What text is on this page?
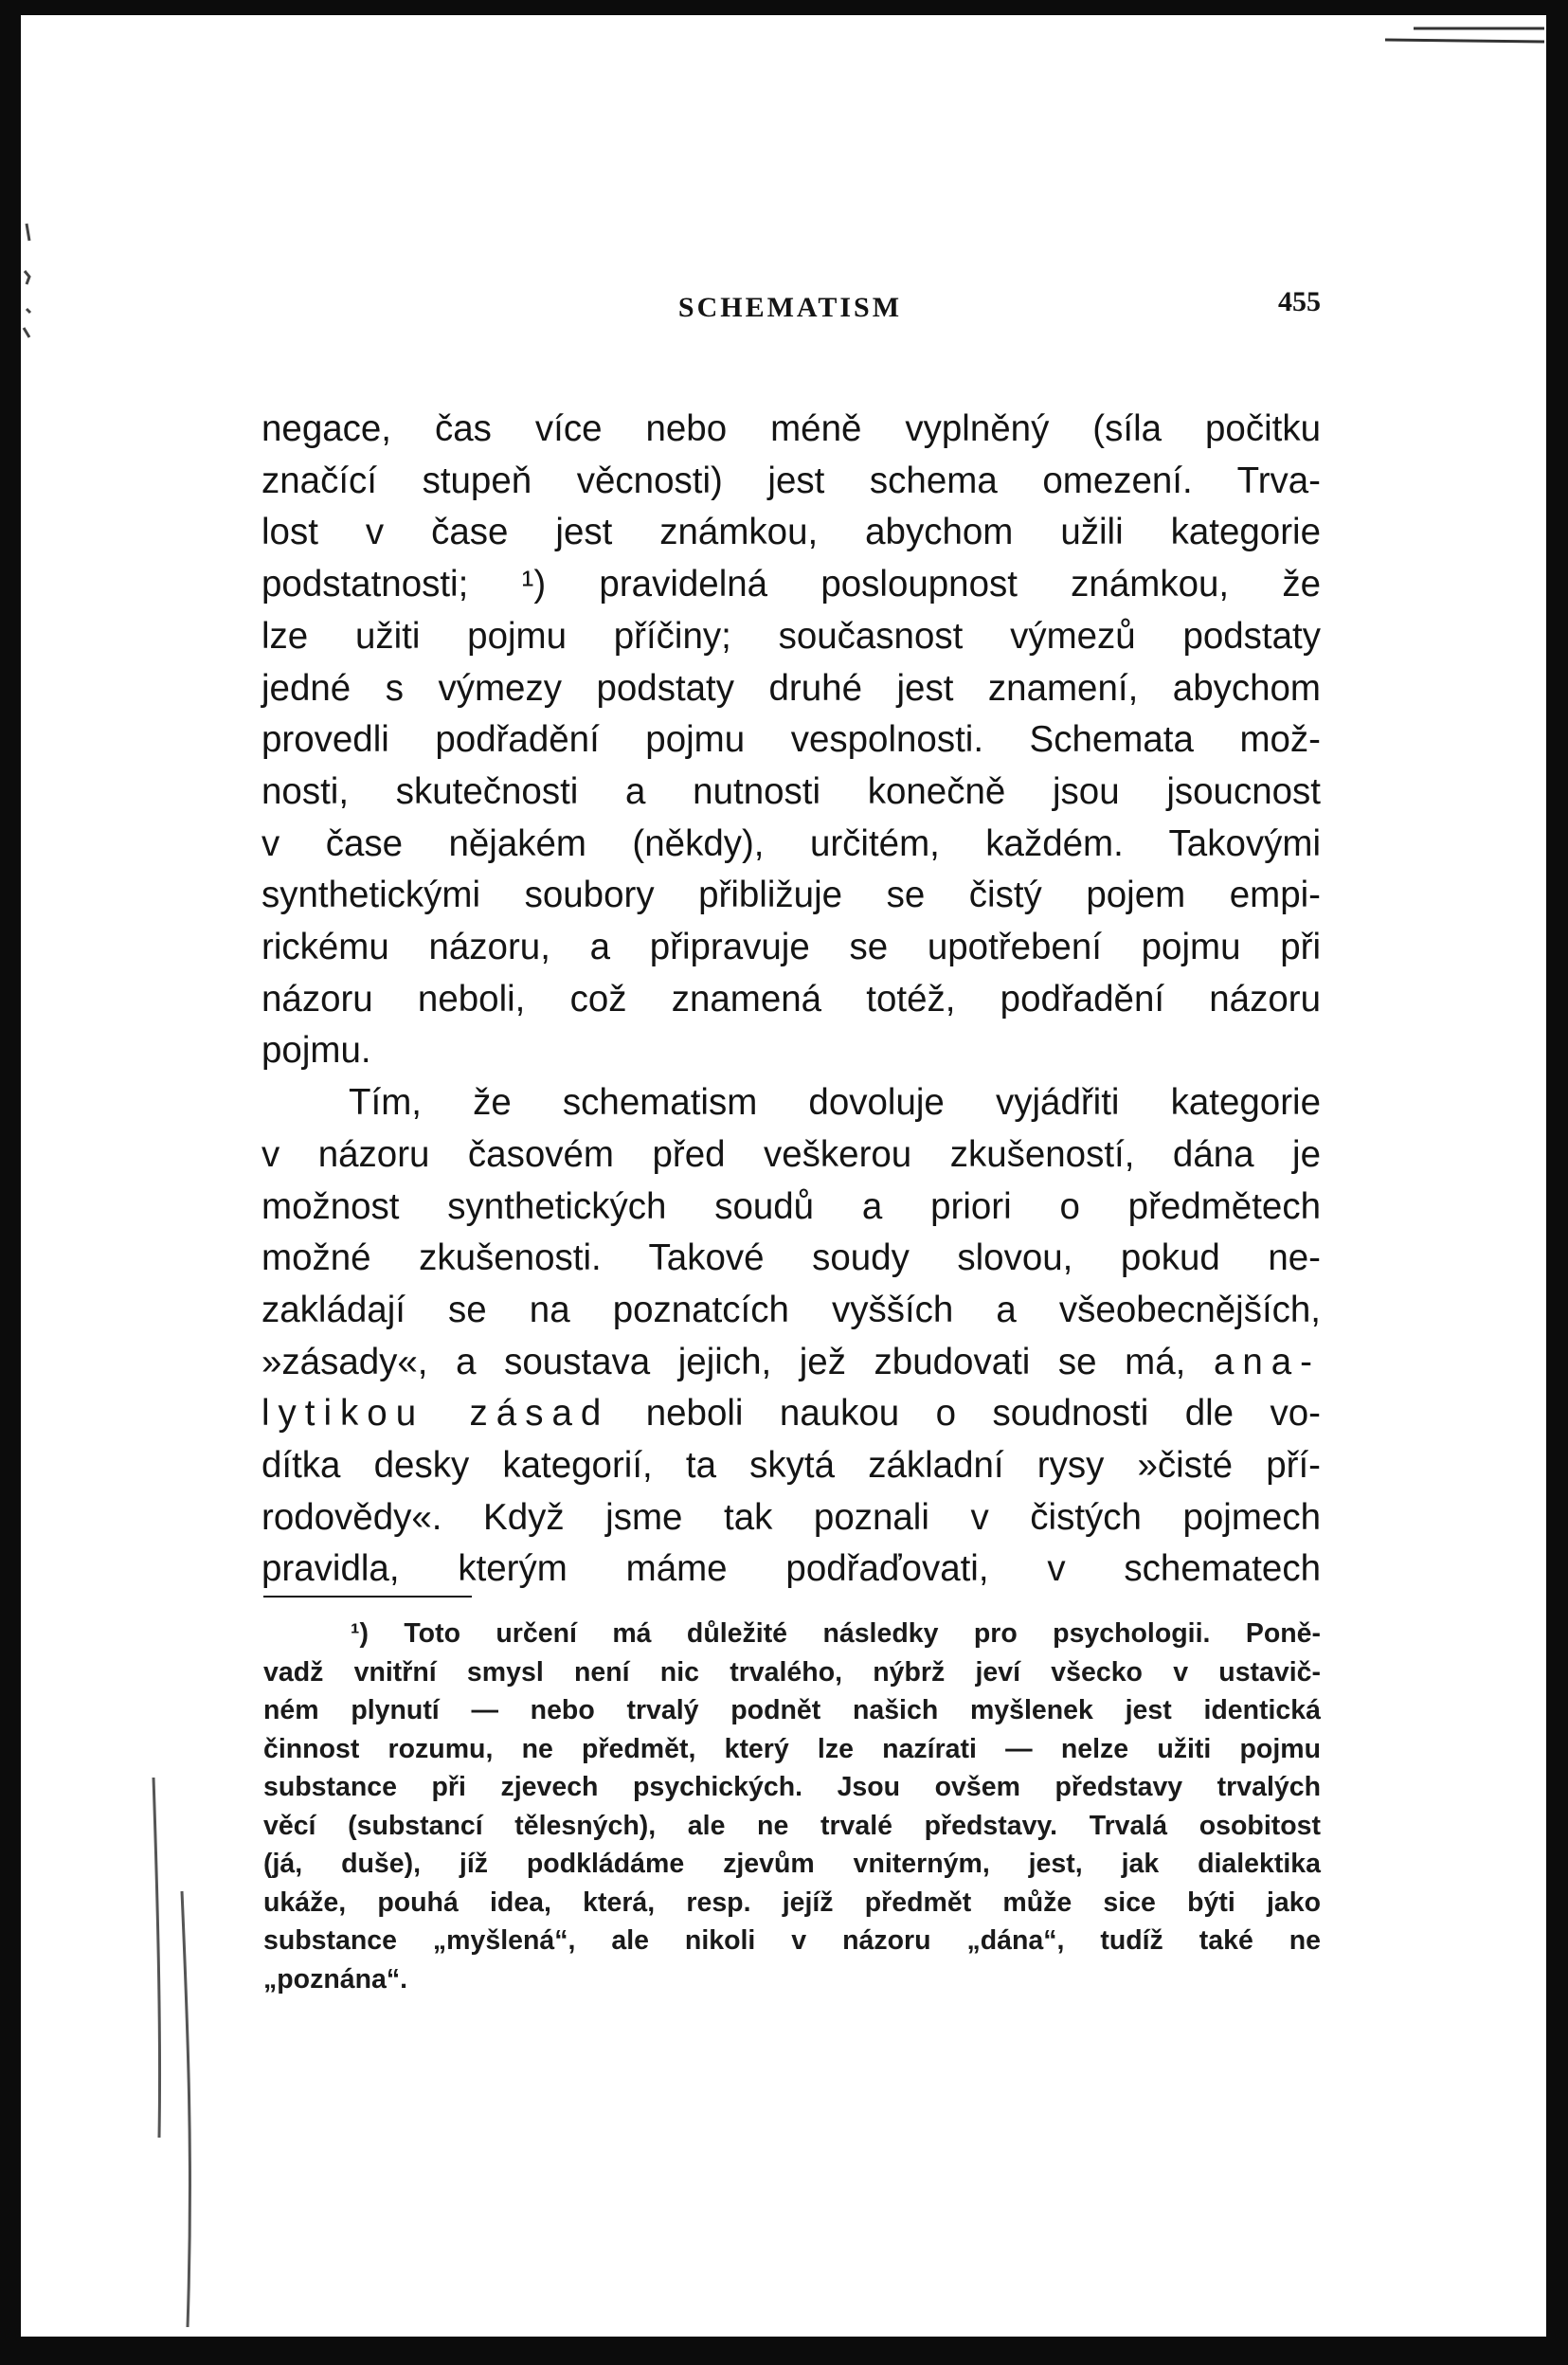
SCHEMATISM	455
negace, čas více nebo méně vyplněný (síla počitku
značící stupeň věcnosti) jest schema omezení. Trva-
lost v čase jest známkou, abychom užili kategorie
podstatnosti; ¹) pravidelná posloupnost známkou, že
lze užiti pojmu příčiny; současnost výmezů podstaty
jedné s výmezy podstaty druhé jest znamení, abychom
provedli podřadění pojmu vespolnosti. Schemata mož-
nosti, skutečnosti a nutnosti konečně jsou jsoucnost
v čase nějakém (někdy), určitém, každém. Takovými
synthetickými soubory přibližuje se čistý pojem empi-
rickému názoru, a připravuje se upotřebení pojmu při
názoru neboli, což znamená totéž, podřadění názoru
pojmu.
Tím, že schematism dovoluje vyjádřiti kategorie
v názoru časovém před veškerou zkušeností, dána je
možnost synthetických soudů a priori o předmětech
možné zkušenosti. Takové soudy slovou, pokud ne-
zakládají se na poznatcích vyšších a všeobecnějších,
»zásady«, a soustava jejich, jež zbudovati se má, ana-
lytikou zásad neboli naukou o soudnosti dle vo-
dítka desky kategorií, ta skytá základní rysy »čisté pří-
rodovědy«. Když jsme tak poznali v čistých pojmech
pravidla, kterým máme podřaďovati, v schematech
¹) Toto určení má důležité následky pro psychologii. Poně-
vadž vnitřní smysl není nic trvalého, nýbrž jeví všecko v ustavič-
ném plynutí — nebo trvalý podnět našich myšlenek jest identická
činnost rozumu, ne předmět, který lze nazírati — nelze užiti pojmu
substance při zjevech psychických. Jsou ovšem představy trvalých
věcí (substancí tělesných), ale ne trvalé představy. Trvalá osobitost
(já, duše), jíž podkládáme zjevům vniterným, jest, jak dialektika
ukáže, pouhá idea, která, resp. jejíž předmět může sice býti jako
substance „myšlená“, ale nikoli v názoru „dána“, tudíž také ne
„poznána“.
